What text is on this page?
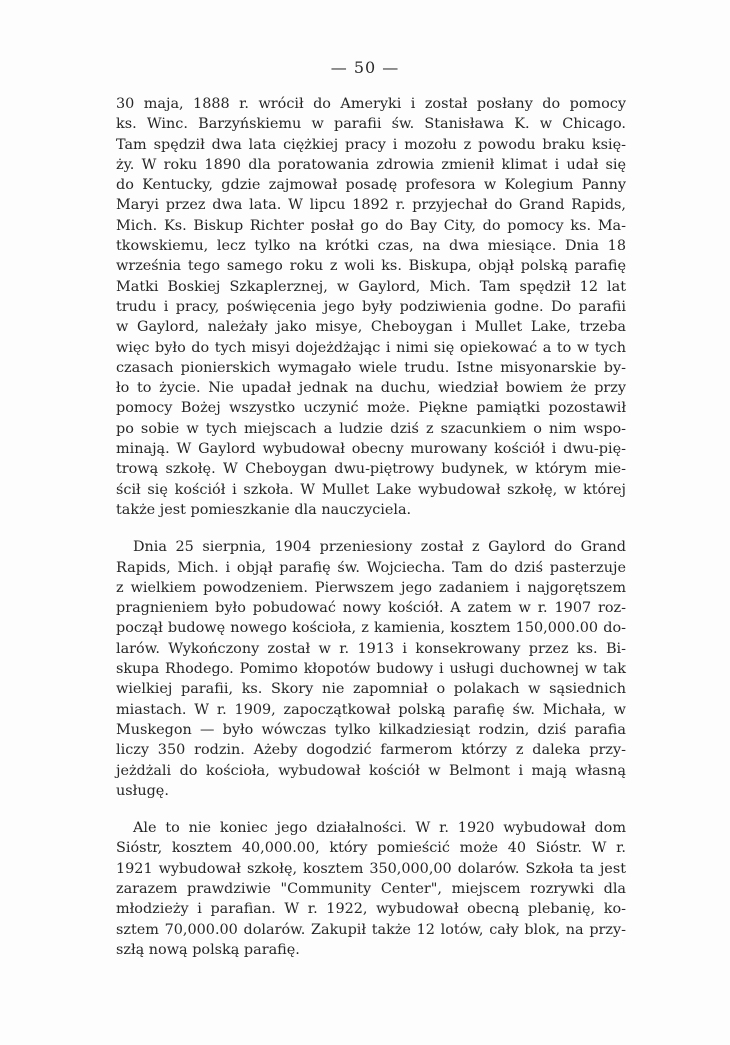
— 50 —
30 maja, 1888 r. wrócił do Ameryki i został posłany do pomocy
ks. Winc. Barzyńskiemu w parafii św. Stanisława K. w Chicago.
Tam spędził dwa lata ciężkiej pracy i mozołu z powodu braku księ-
ży. W roku 1890 dla poratowania zdrowia zmienił klimat i udał się
do Kentucky, gdzie zajmował posadę profesora w Kolegium Panny
Maryi przez dwa lata. W lipcu 1892 r. przyjechał do Grand Rapids,
Mich. Ks. Biskup Richter posłał go do Bay City, do pomocy ks. Ma-
tkowskiemu, lecz tylko na krótki czas, na dwa miesiące. Dnia 18
września tego samego roku z woli ks. Biskupa, objął polską parafię
Matki Boskiej Szkaplerznej, w Gaylord, Mich. Tam spędził 12 lat
trudu i pracy, poświęcenia jego były podziwienia godne. Do parafii
w Gaylord, należały jako misye, Cheboygan i Mullet Lake, trzeba
więc było do tych misyi dojeżdżając i nimi się opiekować a to w tych
czasach pionierskich wymagało wiele trudu. Istne misyonarskie by-
ło to życie. Nie upadał jednak na duchu, wiedział bowiem że przy
pomocy Bożej wszystko uczynić może. Piękne pamiątki pozostawił
po sobie w tych miejscach a ludzie dziś z szacunkiem o nim wspo-
minają. W Gaylord wybudował obecny murowany kościół i dwu-pię-
trową szkołę. W Cheboygan dwu-piętrowy budynek, w którym mie-
ścił się kościół i szkoła. W Mullet Lake wybudował szkołę, w której
także jest pomieszkanie dla nauczyciela.
Dnia 25 sierpnia, 1904 przeniesiony został z Gaylord do Grand
Rapids, Mich. i objął parafię św. Wojciecha. Tam do dziś pasterzuje
z wielkiem powodzeniem. Pierwszem jego zadaniem i najgorętszem
pragnieniem było pobudować nowy kościół. A zatem w r. 1907 roz-
począł budowę nowego kościoła, z kamienia, kosztem 150,000.00 do-
larów. Wykończony został w r. 1913 i konsekrowany przez ks. Bi-
skupa Rhodego. Pomimo kłopotów budowy i usługi duchownej w tak
wielkiej parafii, ks. Skory nie zapomniał o polakach w sąsiednich
miastach. W r. 1909, zapoczątkował polską parafię św. Michała, w
Muskegon — było wówczas tylko kilkadziesiąt rodzin, dziś parafia
liczy 350 rodzin. Ażeby dogodzić farmerom którzy z daleka przy-
jeżdżali do kościoła, wybudował kościół w Belmont i mają własną
usługę.
Ale to nie koniec jego działalności. W r. 1920 wybudował dom
Sióstr, kosztem 40,000.00, który pomieścić może 40 Sióstr. W r.
1921 wybudował szkołę, kosztem 350,000,00 dolarów. Szkoła ta jest
zarazem prawdziwie "Community Center", miejscem rozrywki dla
młodzieży i parafian. W r. 1922, wybudował obecną plebanię, ko-
sztem 70,000.00 dolarów. Zakupił także 12 lotów, cały blok, na przy-
szłą nową polską parafię.
